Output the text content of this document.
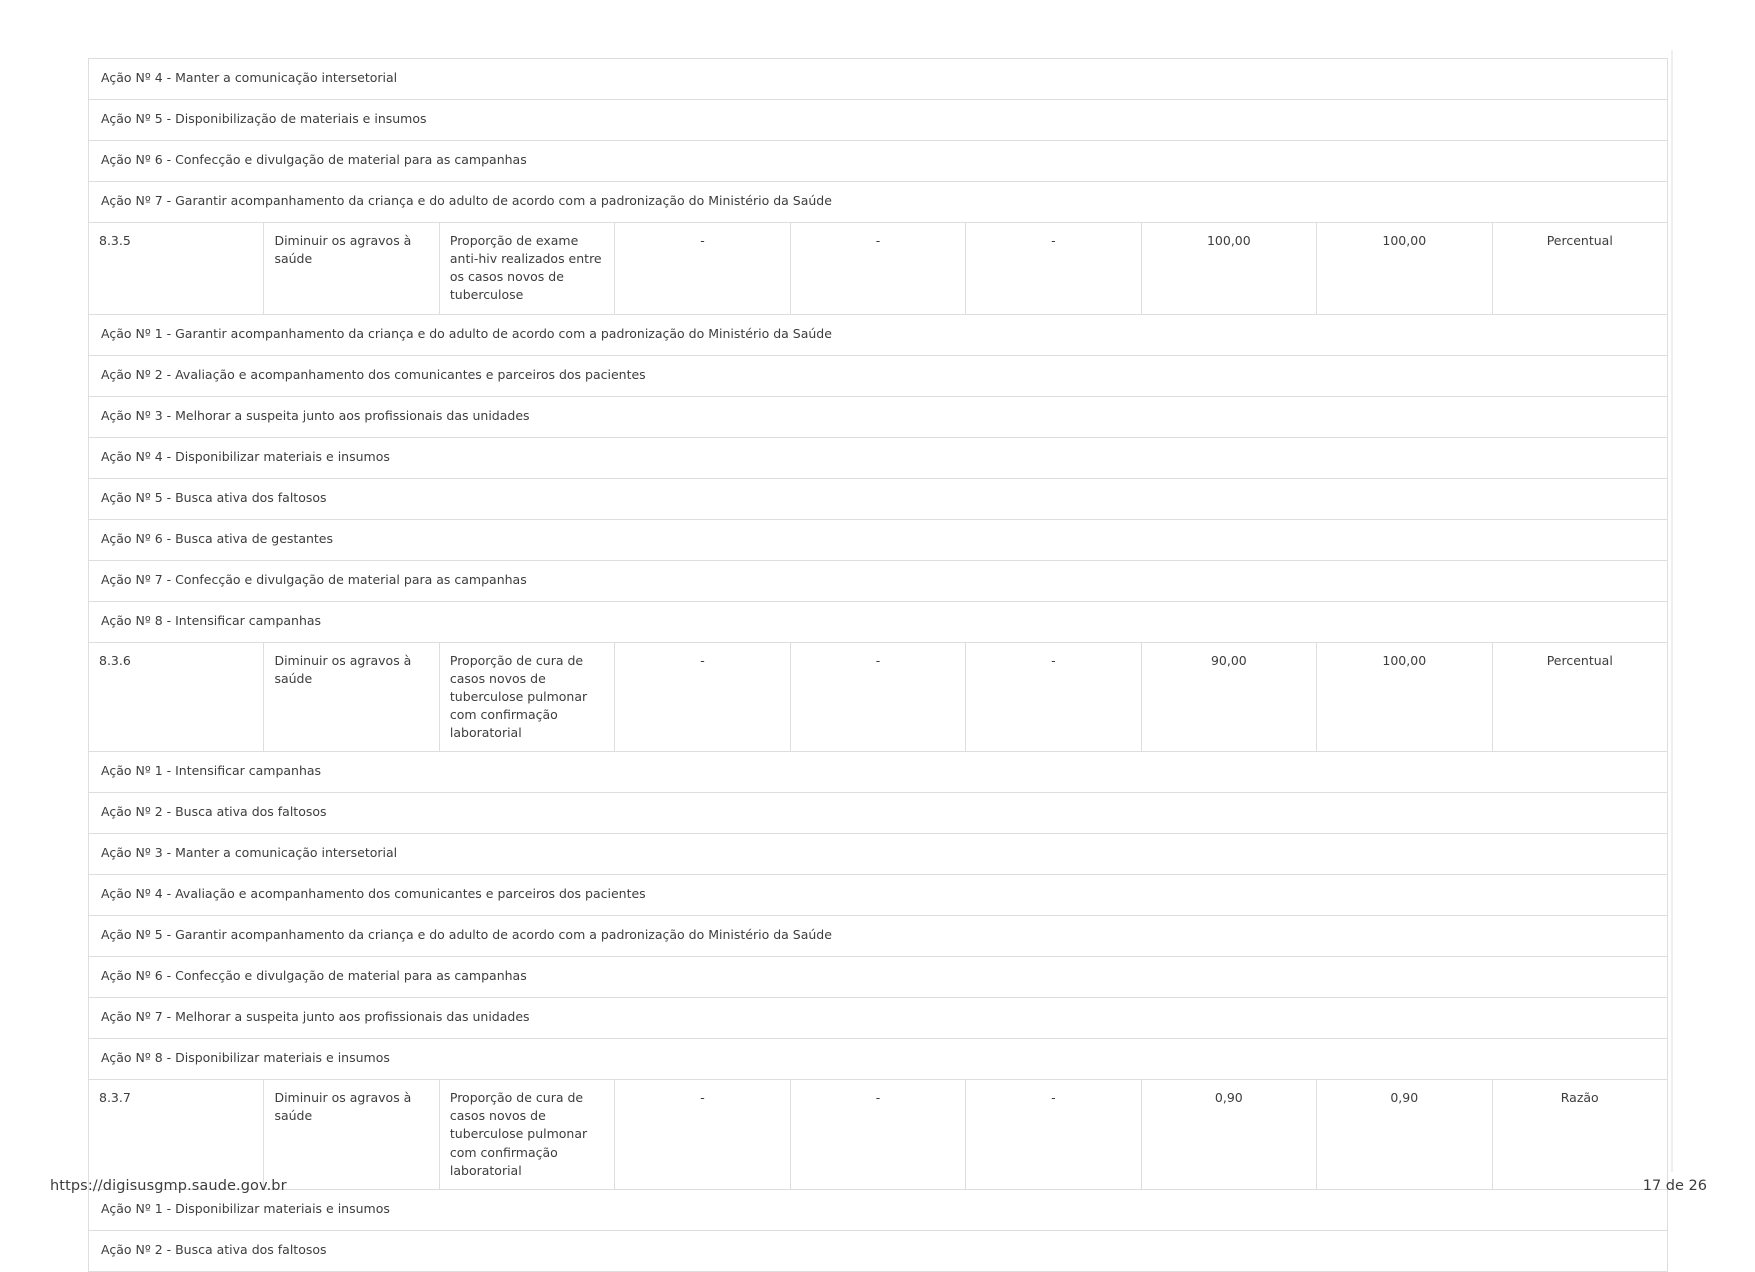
Ação Nº 4 - Manter a comunicação intersetorial								
Ação Nº 5 - Disponibilização de materiais e insumos								
Ação Nº 6 - Confecção e divulgação de material para as campanhas								
Ação Nº 7 - Garantir acompanhamento da criança e do adulto de acordo com a padronização do Ministério da Saúde								
8.3.5	Diminuir os agravos à saúde	Proporção de exame anti-hiv realizados entre os casos novos de tuberculose	-	-	-	100,00	100,00	Percentual
Ação Nº 1 - Garantir acompanhamento da criança e do adulto de acordo com a padronização do Ministério da Saúde								
Ação Nº 2 - Avaliação e acompanhamento dos comunicantes e parceiros dos pacientes								
Ação Nº 3 - Melhorar a suspeita junto aos profissionais das unidades								
Ação Nº 4 - Disponibilizar materiais e insumos								
Ação Nº 5 - Busca ativa dos faltosos								
Ação Nº 6 - Busca ativa de gestantes								
Ação Nº 7 - Confecção e divulgação de material para as campanhas								
Ação Nº 8 - Intensificar campanhas								
8.3.6	Diminuir os agravos à saúde	Proporção de cura de casos novos de tuberculose pulmonar com confirmação laboratorial	-	-	-	90,00	100,00	Percentual
Ação Nº 1 - Intensificar campanhas								
Ação Nº 2 - Busca ativa dos faltosos								
Ação Nº 3 - Manter a comunicação intersetorial								
Ação Nº 4 - Avaliação e acompanhamento dos comunicantes e parceiros dos pacientes								
Ação Nº 5 - Garantir acompanhamento da criança e do adulto de acordo com a padronização do Ministério da Saúde								
Ação Nº 6 - Confecção e divulgação de material para as campanhas								
Ação Nº 7 - Melhorar a suspeita junto aos profissionais das unidades								
Ação Nº 8 - Disponibilizar materiais e insumos								
8.3.7	Diminuir os agravos à saúde	Proporção de cura de casos novos de tuberculose pulmonar com confirmação laboratorial	-	-	-	0,90	0,90	Razão
Ação Nº 1 - Disponibilizar materiais e insumos								
Ação Nº 2 - Busca ativa dos faltosos								
https://digisusgmp.saude.gov.br	17 de 26
